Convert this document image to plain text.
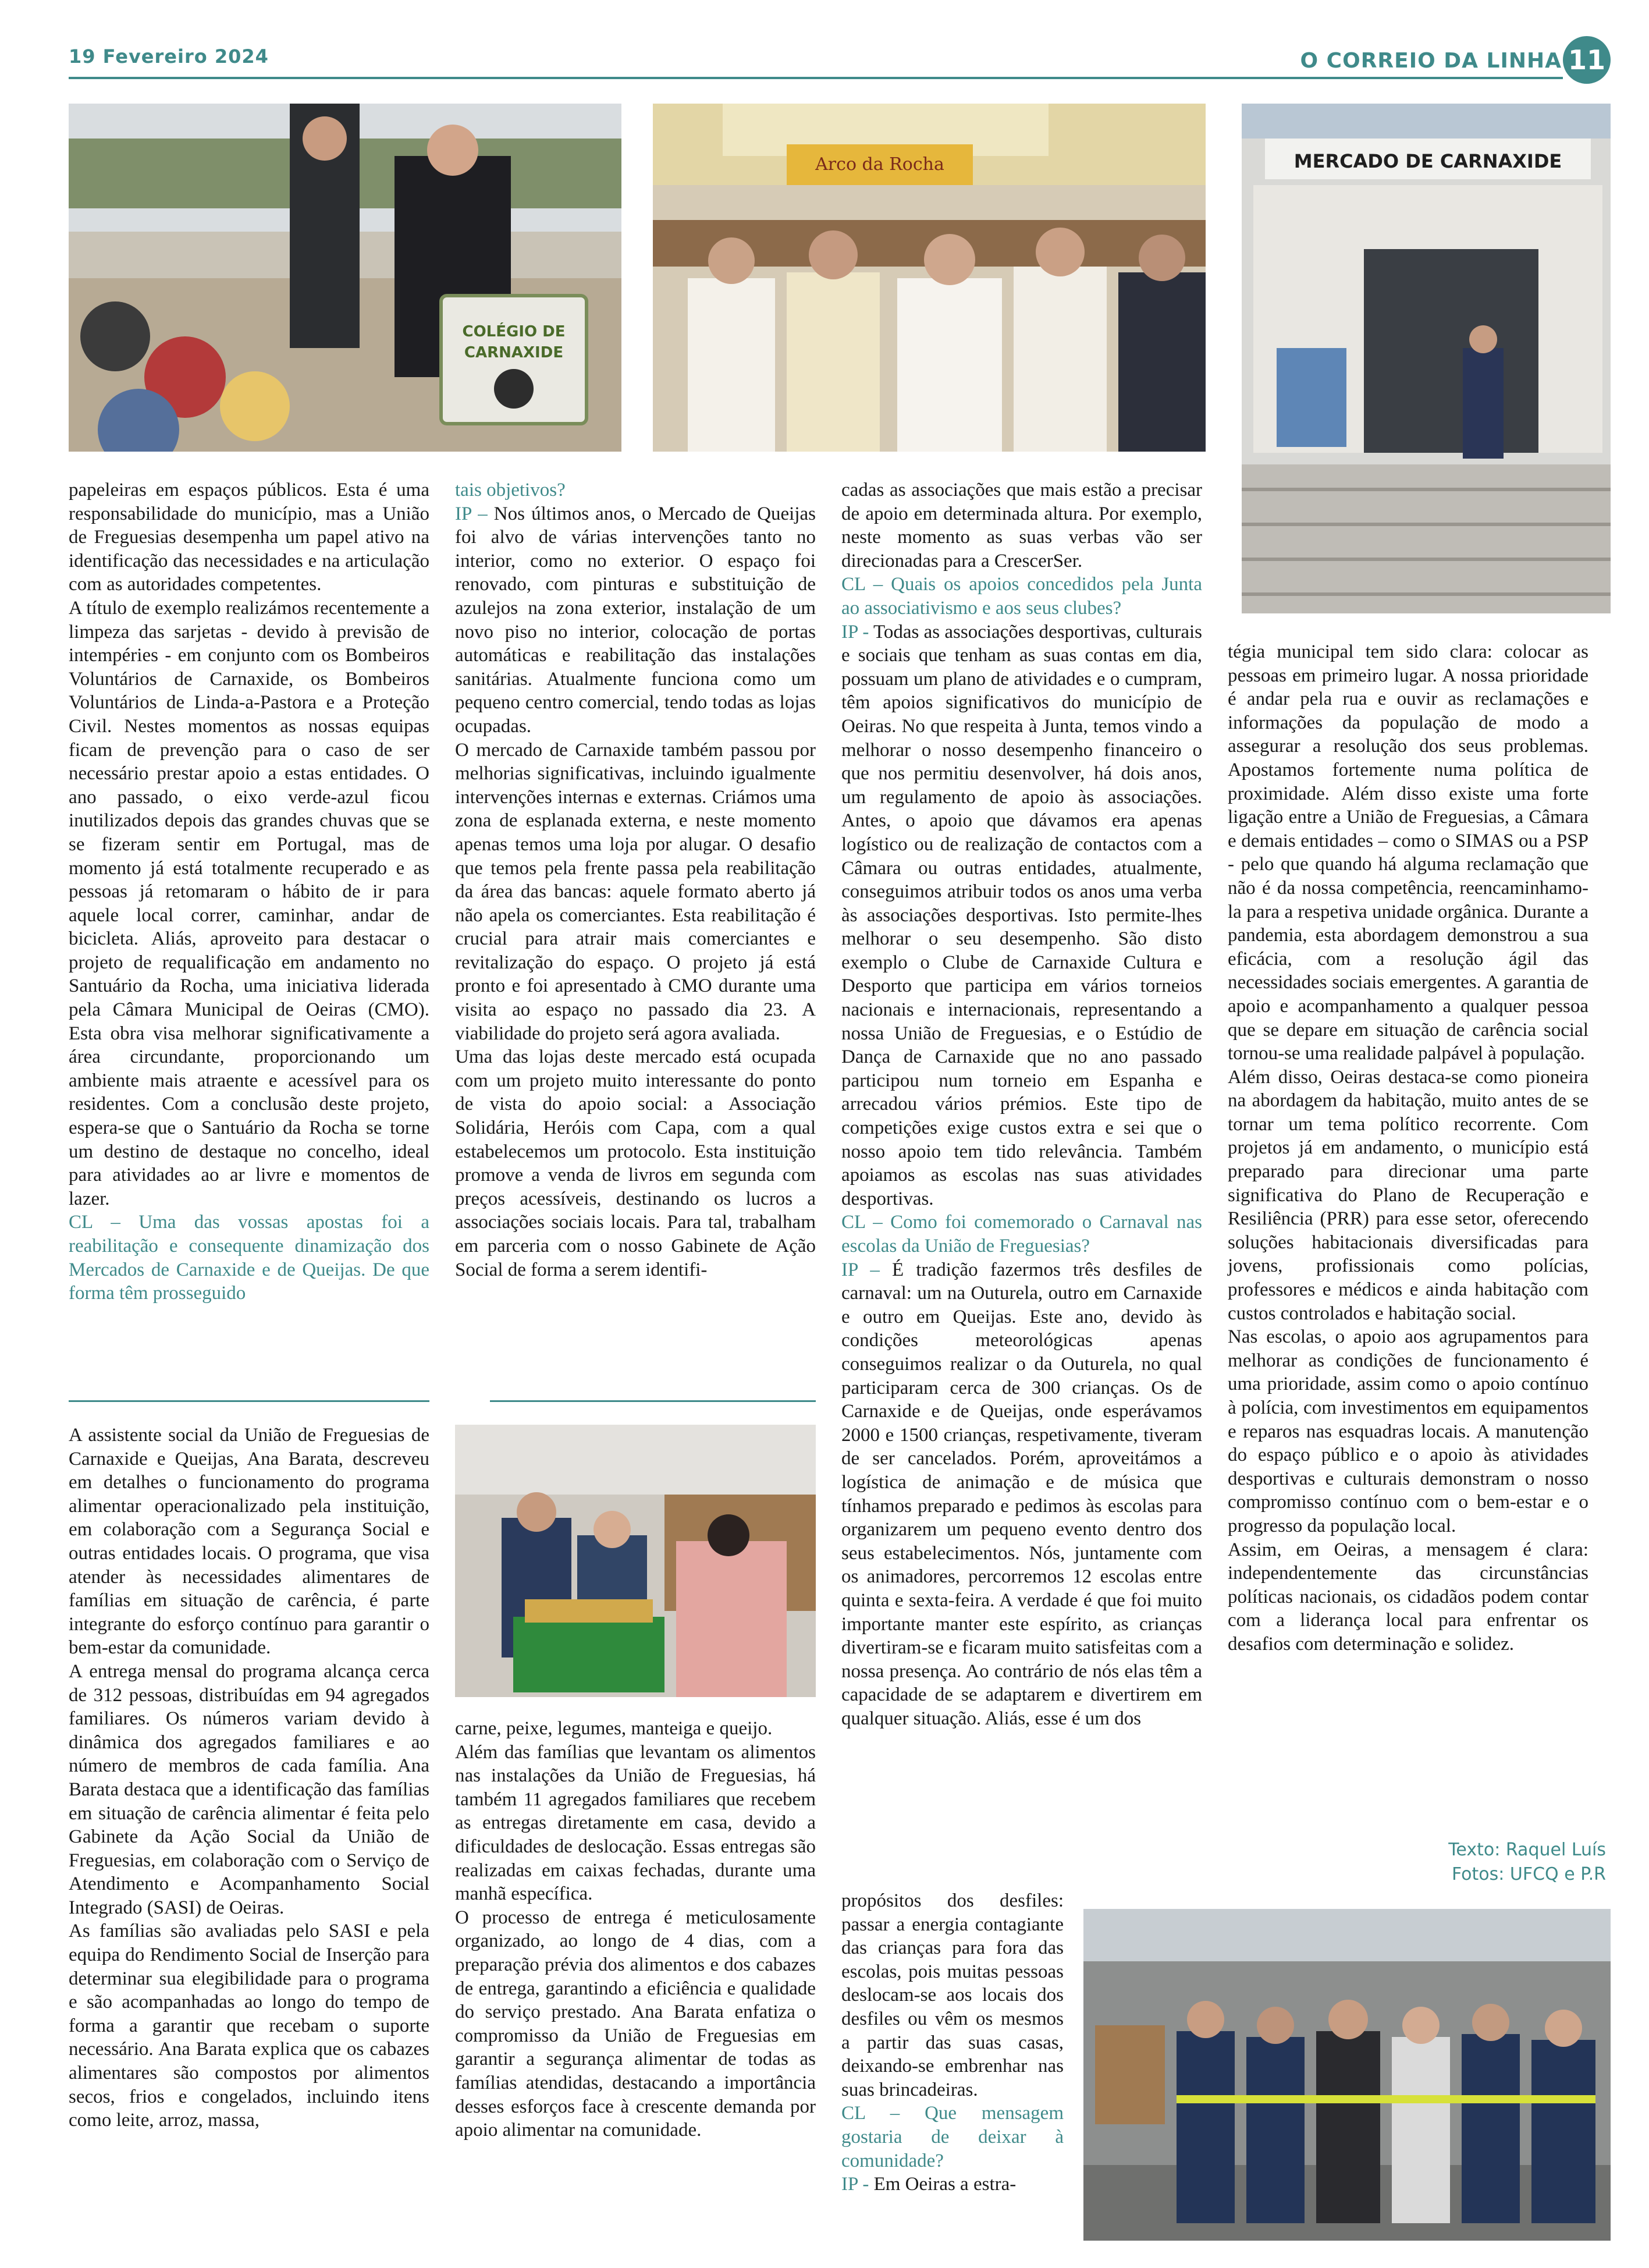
19 Fevereiro 2024	O CORREIO DA LINHA 11
COLÉGIO DE
CARNAXIDE
Arco da Rocha	MERCADO DE CARNAXIDE

papeleiras em espaços públicos. Esta é uma responsabilidade do município, mas a União de Freguesias desempenha um papel ativo na identificação das necessidades e na articulação com as autoridades competentes.

A título de exemplo realizámos recentemente a limpeza das sarjetas - devido à previsão de intempéries - em conjunto com os Bombeiros Voluntários de Carnaxide, os Bombeiros Voluntários de Linda-a-Pastora e a Proteção Civil. Nestes momentos as nossas equipas ficam de prevenção para o caso de ser necessário prestar apoio a estas entidades. O ano passado, o eixo verde-azul ficou inutilizados depois das grandes chuvas que se se fizeram sentir em Portugal, mas de momento já está totalmente recuperado e as pessoas já retomaram o hábito de ir para aquele local correr, caminhar, andar de bicicleta. Aliás, aproveito para destacar o projeto de requalificação em andamento no Santuário da Rocha, uma iniciativa liderada pela Câmara Municipal de Oeiras (CMO). Esta obra visa melhorar significativamente a área circundante, proporcionando um ambiente mais atraente e acessível para os residentes. Com a conclusão deste projeto, espera-se que o Santuário da Rocha se torne um destino de destaque no concelho, ideal para atividades ao ar livre e momentos de lazer.

CL – Uma das vossas apostas foi a reabilitação e consequente dinamização dos Mercados de Carnaxide e de Queijas. De que forma têm prosseguido

A assistente social da União de Freguesias de Carnaxide e Queijas, Ana Barata, descreveu em detalhes o funcionamento do programa alimentar operacionalizado pela instituição, em colaboração com a Segurança Social e outras entidades locais. O programa, que visa atender às necessidades alimentares de famílias em situação de carência, é parte integrante do esforço contínuo para garantir o bem-estar da comunidade.

A entrega mensal do programa alcança cerca de 312 pessoas, distribuídas em 94 agregados familiares. Os números variam devido à dinâmica dos agregados familiares e ao número de membros de cada família. Ana Barata destaca que a identificação das famílias em situação de carência alimentar é feita pelo Gabinete da Ação Social da União de Freguesias, em colaboração com o Serviço de Atendimento e Acompanhamento Social Integrado (SASI) de Oeiras.

As famílias são avaliadas pelo SASI e pela equipa do Rendimento Social de Inserção para determinar sua elegibilidade para o programa e são acompanhadas ao longo do tempo de forma a garantir que recebam o suporte necessário. Ana Barata explica que os cabazes alimentares são compostos por alimentos secos, frios e congelados, incluindo itens como leite, arroz, massa,

tais objetivos?

IP – Nos últimos anos, o Mercado de Queijas foi alvo de várias intervenções tanto no interior, como no exterior. O espaço foi renovado, com pinturas e substituição de azulejos na zona exterior, instalação de um novo piso no interior, colocação de portas automáticas e reabilitação das instalações sanitárias. Atualmente funciona como um pequeno centro comercial, tendo todas as lojas ocupadas.

O mercado de Carnaxide também passou por melhorias significativas, incluindo igualmente intervenções internas e externas. Criámos uma zona de esplanada externa, e neste momento apenas temos uma loja por alugar. O desafio que temos pela frente passa pela reabilitação da área das bancas: aquele formato aberto já não apela os comerciantes. Esta reabilitação é crucial para atrair mais comerciantes e revitalização do espaço. O projeto já está pronto e foi apresentado à CMO durante uma visita ao espaço no passado dia 23. A viabilidade do projeto será agora avaliada.

Uma das lojas deste mercado está ocupada com um projeto muito interessante do ponto de vista do apoio social: a Associação Solidária, Heróis com Capa, com a qual estabelecemos um protocolo. Esta instituição promove a venda de livros em segunda com preços acessíveis, destinando os lucros a associações sociais locais. Para tal, trabalham em parceria com o nosso Gabinete de Ação Social de forma a serem identifi-

carne, peixe, legumes, manteiga e queijo.

Além das famílias que levantam os alimentos nas instalações da União de Freguesias, há também 11 agregados familiares que recebem as entregas diretamente em casa, devido a dificuldades de deslocação. Essas entregas são realizadas em caixas fechadas, durante uma manhã específica.

O processo de entrega é meticulosamente organizado, ao longo de 4 dias, com a preparação prévia dos alimentos e dos cabazes de entrega, garantindo a eficiência e qualidade do serviço prestado. Ana Barata enfatiza o compromisso da União de Freguesias em garantir a segurança alimentar de todas as famílias atendidas, destacando a importância desses esforços face à crescente demanda por apoio alimentar na comunidade.

cadas as associações que mais estão a precisar de apoio em determinada altura. Por exemplo, neste momento as suas verbas vão ser direcionadas para a CrescerSer.

CL – Quais os apoios concedidos pela Junta ao associativismo e aos seus clubes?

IP - Todas as associações desportivas, culturais e sociais que tenham as suas contas em dia, possuam um plano de atividades e o cumpram, têm apoios significativos do município de Oeiras. No que respeita à Junta, temos vindo a melhorar o nosso desempenho financeiro o que nos permitiu desenvolver, há dois anos, um regulamento de apoio às associações. Antes, o apoio que dávamos era apenas logístico ou de realização de contactos com a Câmara ou outras entidades, atualmente, conseguimos atribuir todos os anos uma verba às associações desportivas. Isto permite-lhes melhorar o seu desempenho. São disto exemplo o Clube de Carnaxide Cultura e Desporto que participa em vários torneios nacionais e internacionais, representando a nossa União de Freguesias, e o Estúdio de Dança de Carnaxide que no ano passado participou num torneio em Espanha e arrecadou vários prémios. Este tipo de competições exige custos extra e sei que o nosso apoio tem tido relevância. Também apoiamos as escolas nas suas atividades desportivas.

CL – Como foi comemorado o Carnaval nas escolas da União de Freguesias?

IP – É tradição fazermos três desfiles de carnaval: um na Outurela, outro em Carnaxide e outro em Queijas. Este ano, devido às condições meteorológicas apenas conseguimos realizar o da Outurela, no qual participaram cerca de 300 crianças. Os de Carnaxide e de Queijas, onde esperávamos 2000 e 1500 crianças, respetivamente, tiveram de ser cancelados. Porém, aproveitámos a logística de animação e de música que tínhamos preparado e pedimos às escolas para organizarem um pequeno evento dentro dos seus estabelecimentos. Nós, juntamente com os animadores, percorremos 12 escolas entre quinta e sexta-feira. A verdade é que foi muito importante manter este espírito, as crianças divertiram-se e ficaram muito satisfeitas com a nossa presença. Ao contrário de nós elas têm a capacidade de se adaptarem e divertirem em qualquer situação. Aliás, esse é um dos

propósitos dos desfiles: passar a energia contagiante das crianças para fora das escolas, pois muitas pessoas deslocam-se aos locais dos desfiles ou vêm os mesmos a partir das suas casas, deixando-se embrenhar nas suas brincadeiras.

CL – Que mensagem gostaria de deixar à comunidade?

IP - Em Oeiras a estra-

tégia municipal tem sido clara: colocar as pessoas em primeiro lugar. A nossa prioridade é andar pela rua e ouvir as reclamações e informações da população de modo a assegurar a resolução dos seus problemas. Apostamos fortemente numa política de proximidade. Além disso existe uma forte ligação entre a União de Freguesias, a Câmara e demais entidades – como o SIMAS ou a PSP - pelo que quando há alguma reclamação que não é da nossa competência, reencaminhamo-la para a respetiva unidade orgânica. Durante a pandemia, esta abordagem demonstrou a sua eficácia, com a resolução ágil das necessidades sociais emergentes. A garantia de apoio e acompanhamento a qualquer pessoa que se depare em situação de carência social tornou-se uma realidade palpável à população.

Além disso, Oeiras destaca-se como pioneira na abordagem da habitação, muito antes de se tornar um tema político recorrente. Com projetos já em andamento, o município está preparado para direcionar uma parte significativa do Plano de Recuperação e Resiliência (PRR) para esse setor, oferecendo soluções habitacionais diversificadas para jovens, profissionais como polícias, professores e médicos e ainda habitação com custos controlados e habitação social.

Nas escolas, o apoio aos agrupamentos para melhorar as condições de funcionamento é uma prioridade, assim como o apoio contínuo à polícia, com investimentos em equipamentos e reparos nas esquadras locais. A manutenção do espaço público e o apoio às atividades desportivas e culturais demonstram o nosso compromisso contínuo com o bem-estar e o progresso da população local.

Assim, em Oeiras, a mensagem é clara: independentemente das circunstâncias políticas nacionais, os cidadãos podem contar com a liderança local para enfrentar os desafios com determinação e solidez.

Texto: Raquel Luís
Fotos: UFCQ e P.R
